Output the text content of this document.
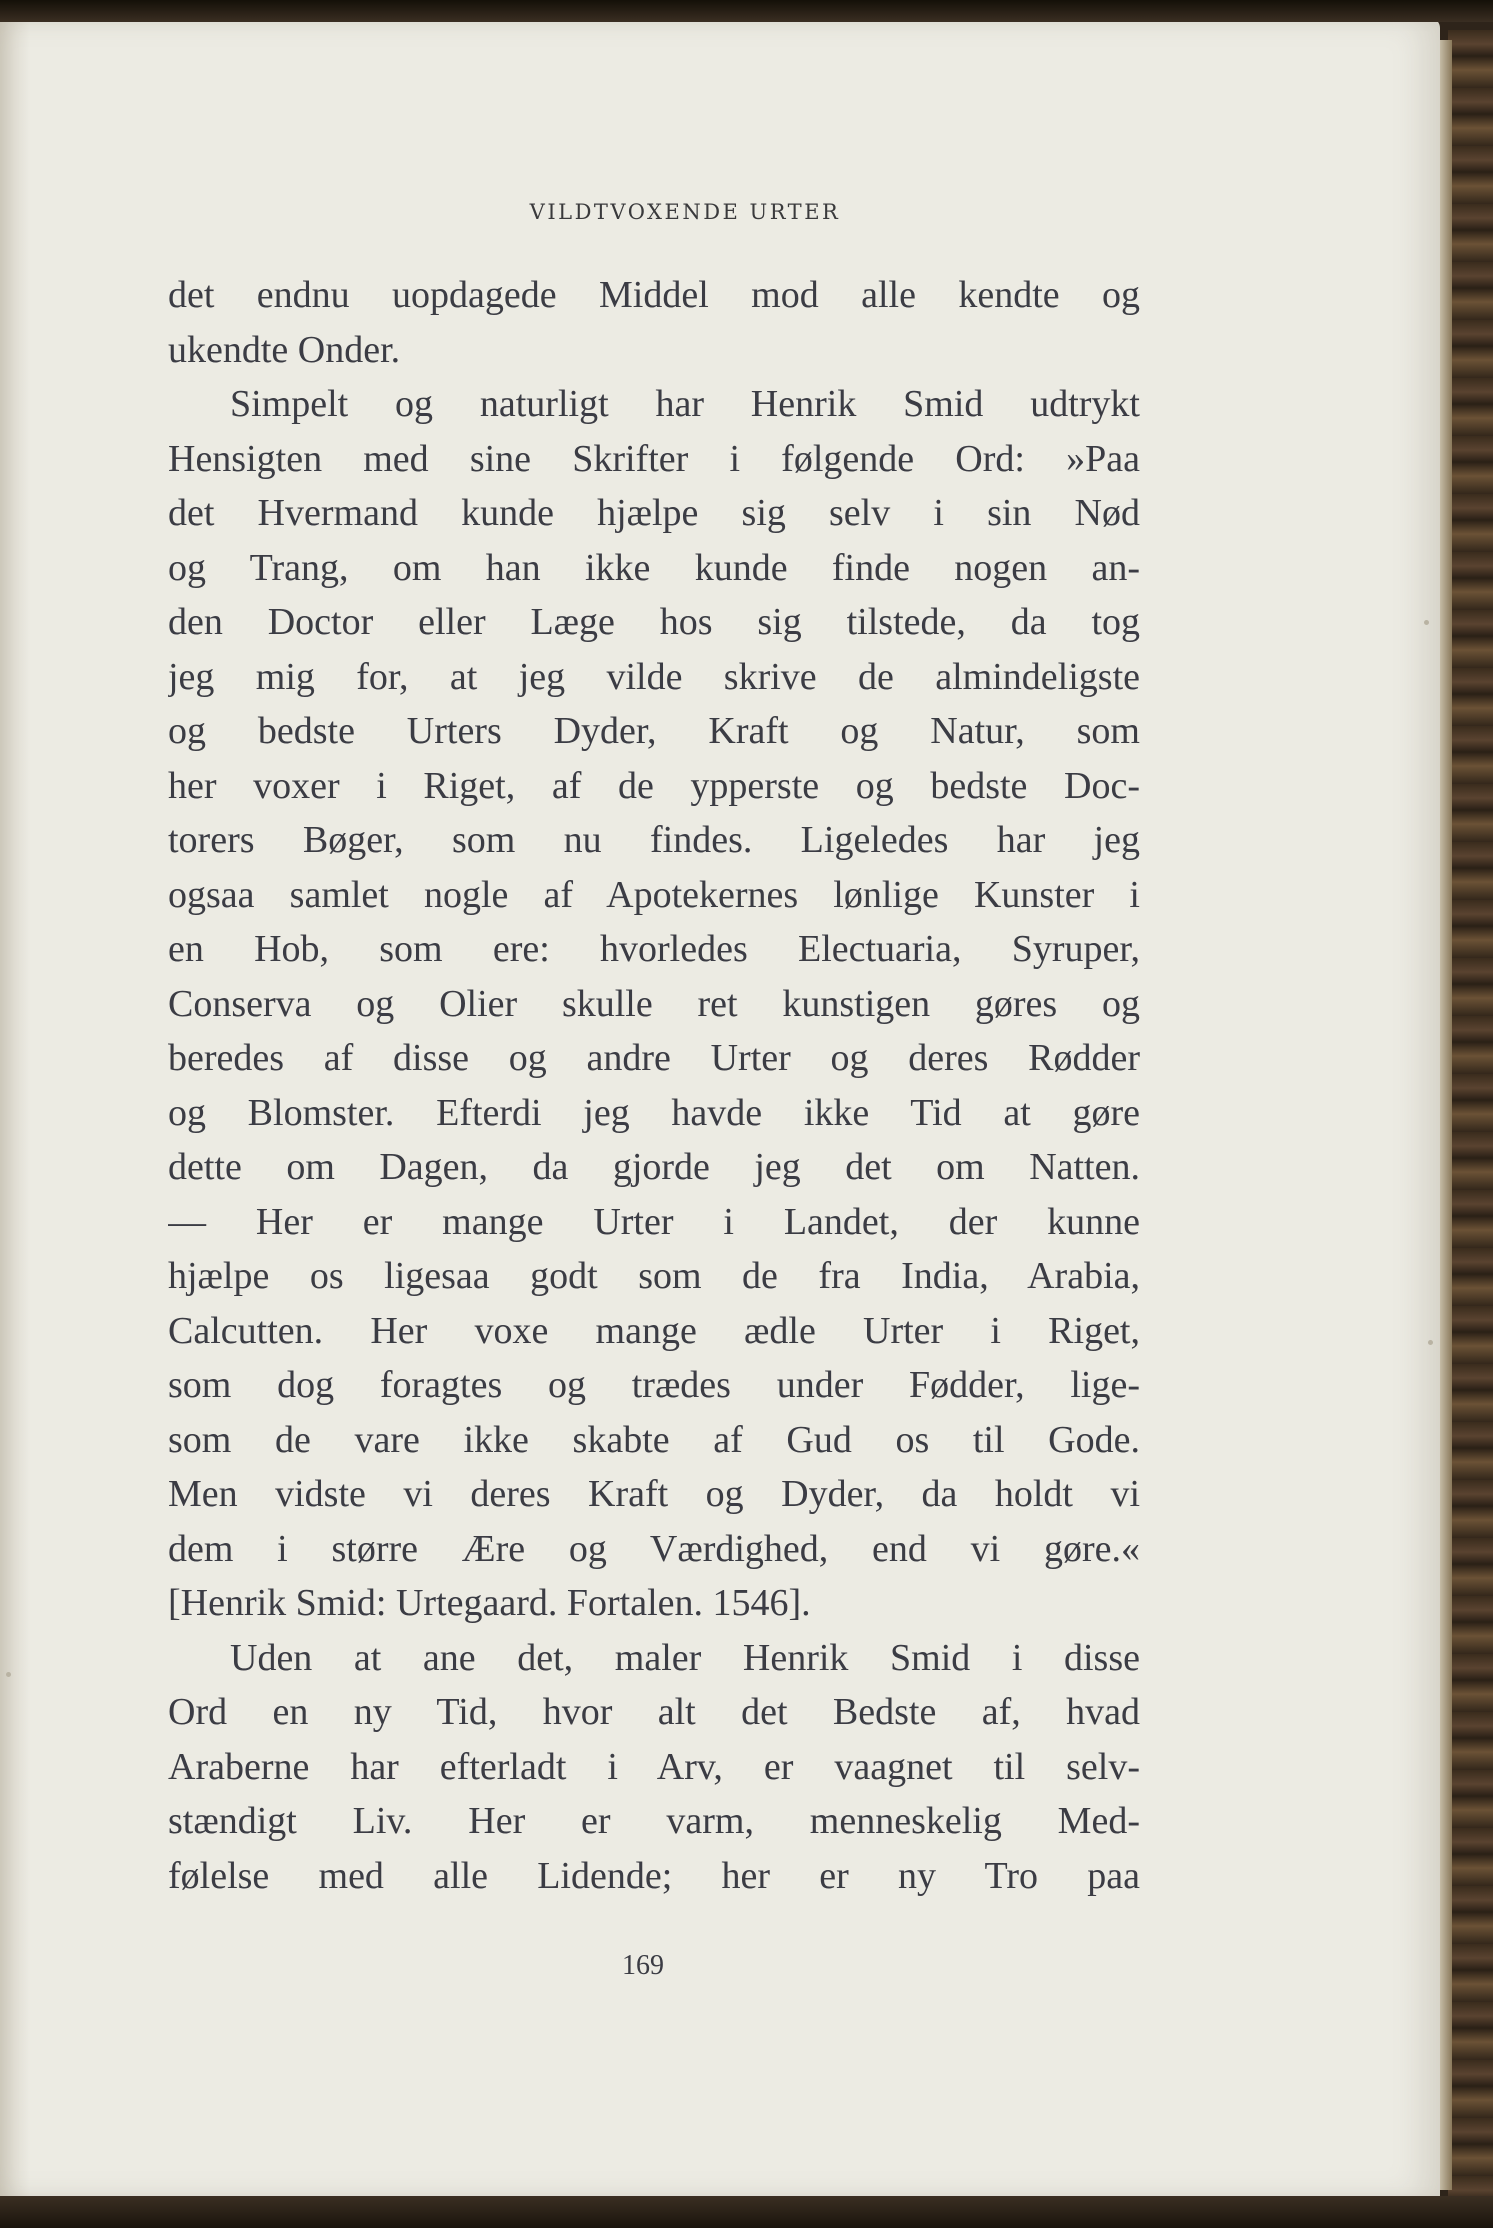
VILDTVOXENDE URTER
det endnu uopdagede Middel mod alle kendte og
ukendte Onder.
Simpelt og naturligt har Henrik Smid udtrykt
Hensigten med sine Skrifter i følgende Ord: »Paa
det Hvermand kunde hjælpe sig selv i sin Nød
og Trang, om han ikke kunde finde nogen an-
den Doctor eller Læge hos sig tilstede, da tog
jeg mig for, at jeg vilde skrive de almindeligste
og bedste Urters Dyder, Kraft og Natur, som
her voxer i Riget, af de ypperste og bedste Doc-
torers Bøger, som nu findes. Ligeledes har jeg
ogsaa samlet nogle af Apotekernes lønlige Kunster i
en Hob, som ere: hvorledes Electuaria, Syruper,
Conserva og Olier skulle ret kunstigen gøres og
beredes af disse og andre Urter og deres Rødder
og Blomster. Efterdi jeg havde ikke Tid at gøre
dette om Dagen, da gjorde jeg det om Natten.
— Her er mange Urter i Landet, der kunne
hjælpe os ligesaa godt som de fra India, Arabia,
Calcutten. Her voxe mange ædle Urter i Riget,
som dog foragtes og trædes under Fødder, lige-
som de vare ikke skabte af Gud os til Gode.
Men vidste vi deres Kraft og Dyder, da holdt vi
dem i større Ære og Værdighed, end vi gøre.«
[Henrik Smid: Urtegaard. Fortalen. 1546].
Uden at ane det, maler Henrik Smid i disse
Ord en ny Tid, hvor alt det Bedste af, hvad
Araberne har efterladt i Arv, er vaagnet til selv-
stændigt Liv. Her er varm, menneskelig Med-
følelse med alle Lidende; her er ny Tro paa
169
